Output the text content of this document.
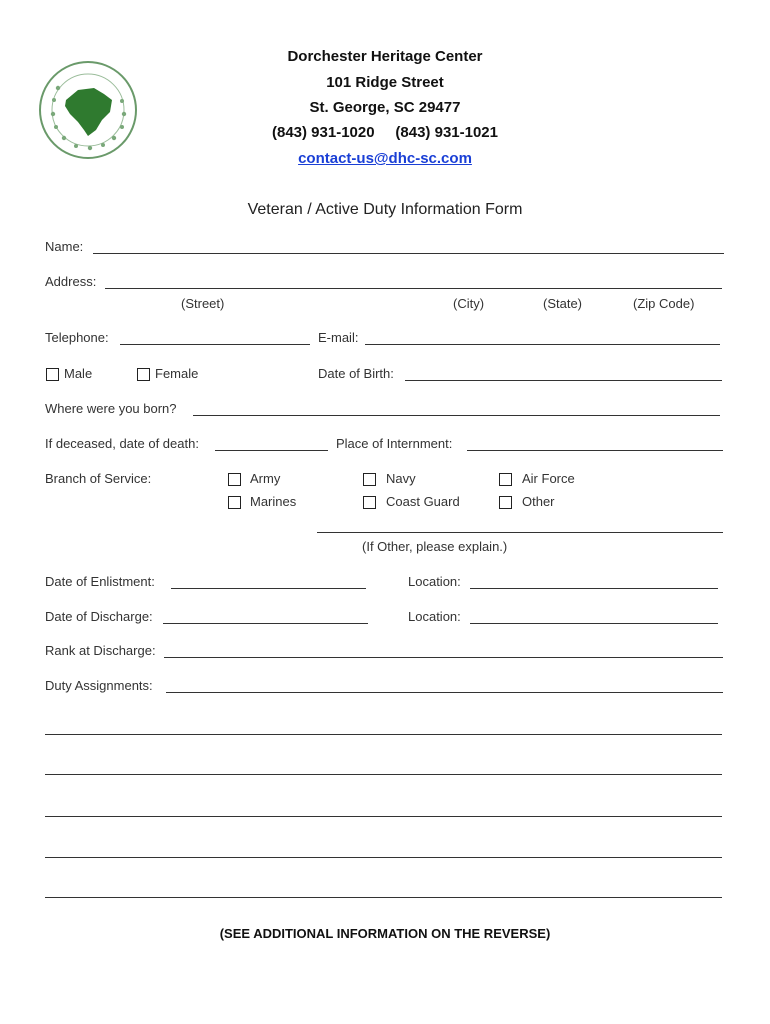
Dorchester Heritage Center
101 Ridge Street
St. George, SC 29477
(843) 931-1020     (843) 931-1021
contact-us@dhc-sc.com
Veteran / Active Duty Information Form
Name:
Address:
(Street)	(City)	(State)	(Zip Code)
Telephone:	E-mail:
Male	Female	Date of Birth:
Where were you born?
If deceased, date of death:	Place of Internment:
Branch of Service:	Army	Navy	Air Force
Marines	Coast Guard	Other
(If Other, please explain.)
Date of Enlistment:	Location:
Date of Discharge:	Location:
Rank at Discharge:
Duty Assignments:
(SEE ADDITIONAL INFORMATION ON THE REVERSE)
